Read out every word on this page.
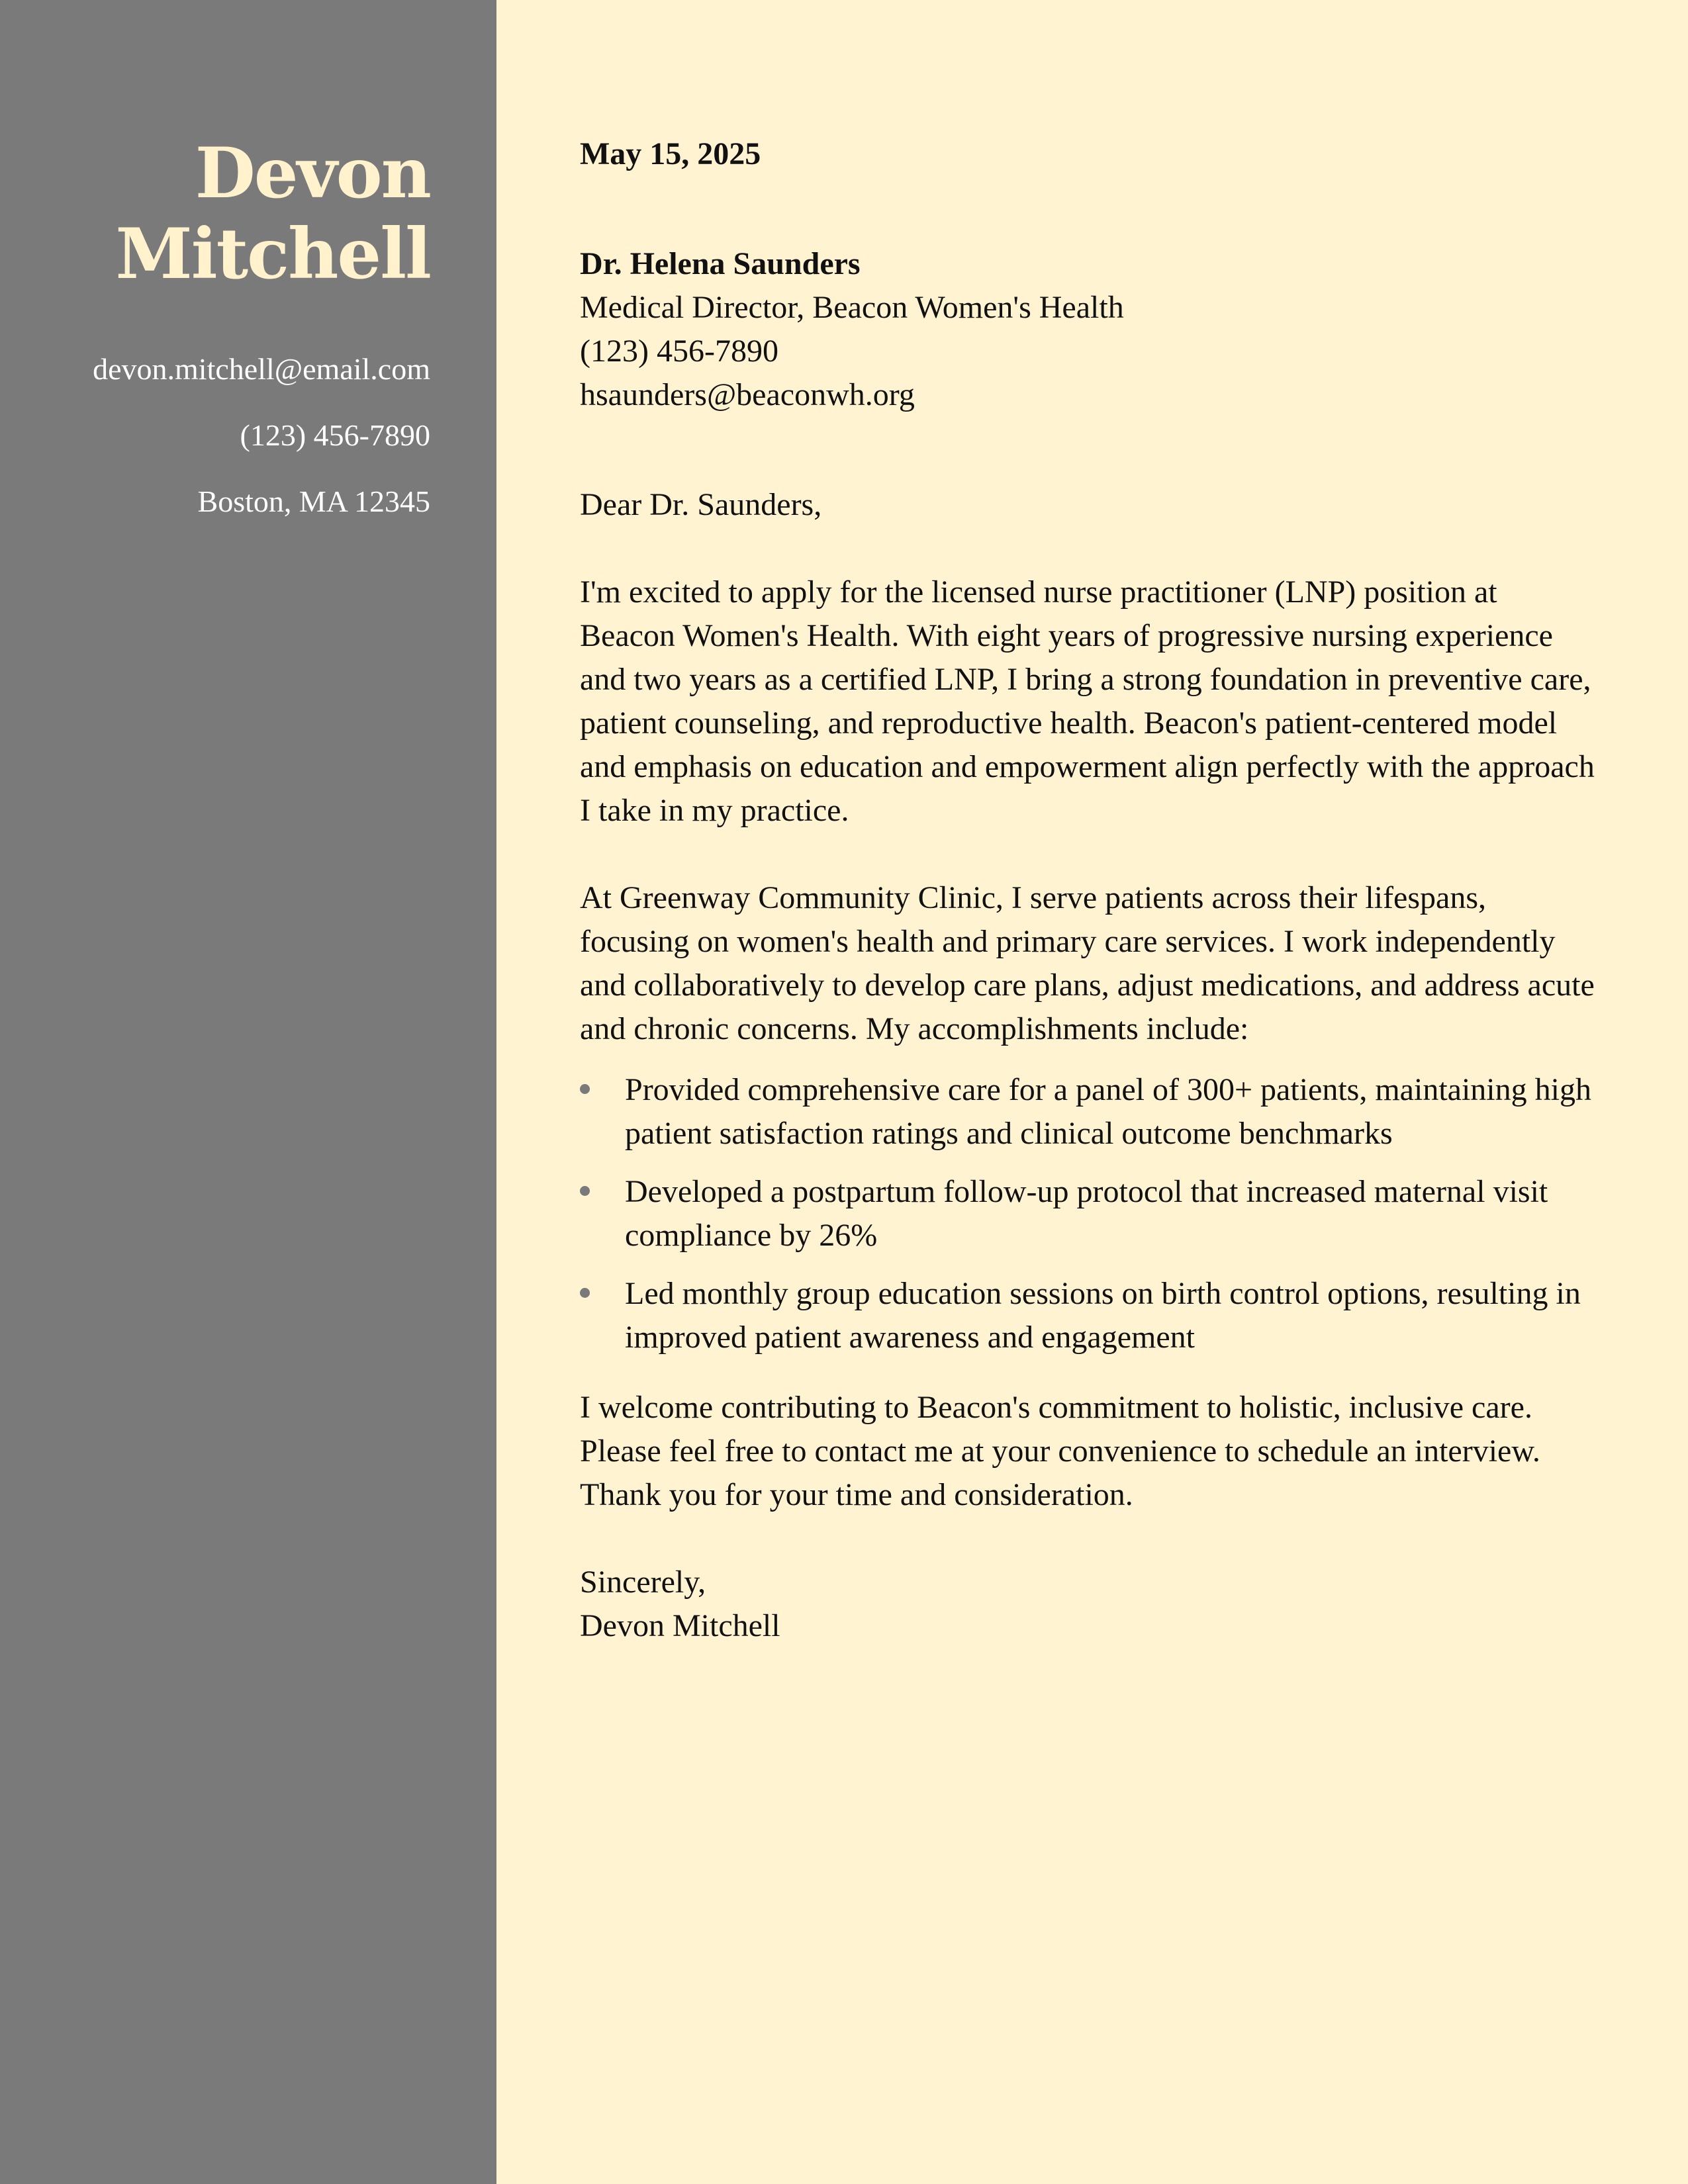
Devon
Mitchell
devon.mitchell@email.com
(123) 456-7890
Boston, MA 12345

May 15, 2025

Dr. Helena Saunders
Medical Director, Beacon Women's Health
(123) 456-7890
hsaunders@beaconwh.org
Dear Dr. Saunders,
I'm excited to apply for the licensed nurse practitioner (LNP) position at Beacon Women's Health. With eight years of progressive nursing experience and two years as a certified LNP, I bring a strong foundation in preventive care, patient counseling, and reproductive health. Beacon's patient-centered model and emphasis on education and empowerment align perfectly with the approach I take in my practice.
At Greenway Community Clinic, I serve patients across their lifespans, focusing on women's health and primary care services. I work independently and collaboratively to develop care plans, adjust medications, and address acute and chronic concerns. My accomplishments include:
Provided comprehensive care for a panel of 300+ patients, maintaining high patient satisfaction ratings and clinical outcome benchmarks
Developed a postpartum follow-up protocol that increased maternal visit compliance by 26%
Led monthly group education sessions on birth control options, resulting in improved patient awareness and engagement
I welcome contributing to Beacon's commitment to holistic, inclusive care. Please feel free to contact me at your convenience to schedule an interview. Thank you for your time and consideration.
Sincerely,
Devon Mitchell
